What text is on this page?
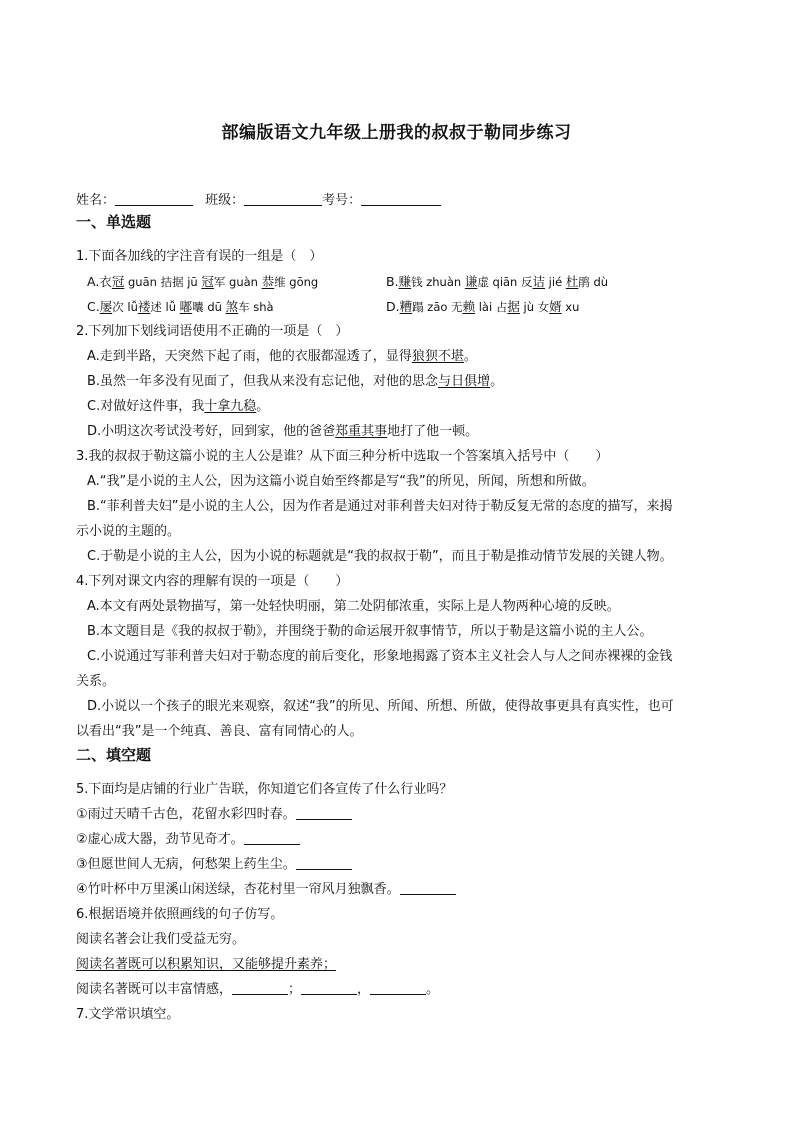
部编版语文九年级上册我的叔叔于勒同步练习
姓名：	班级：	考号：
一、单选题
1.下面各加线的字注音有误的一组是（　）
A.衣冠 guān 拮据 jū 冠军 guàn 恭维 gōng	B.赚钱 zhuàn 谦虚 qiān 反诘 jié 杜鹃 dù
C.屡次 lǚ褛述 lǚ 嘟囔 dū 煞车 shà	D.糟蹋 zāo 无赖 lài 占据 jù 女婿 xu
2.下列加下划线词语使用不正确的一项是（　）
A.走到半路，天突然下起了雨，他的衣服都湿透了，显得狼狈不堪。
B.虽然一年多没有见面了，但我从来没有忘记他，对他的思念与日俱增。
C.对做好这件事，我十拿九稳。
D.小明这次考试没考好，回到家，他的爸爸郑重其事地打了他一顿。
3.我的叔叔于勒这篇小说的主人公是谁？从下面三种分析中选取一个答案填入括号中（　　）
A.“我”是小说的主人公，因为这篇小说自始至终都是写“我”的所见，所闻，所想和所做。
B.“菲利普夫妇”是小说的主人公，因为作者是通过对菲利普夫妇对待于勒反复无常的态度的描写，来揭
示小说的主题的。
C.于勒是小说的主人公，因为小说的标题就是“我的叔叔于勒”，而且于勒是推动情节发展的关键人物。
4.下列对课文内容的理解有误的一项是（　　）
A.本文有两处景物描写，第一处轻快明丽，第二处阴郁浓重，实际上是人物两种心境的反映。
B.本文题目是《我的叔叔于勒》，并围绕于勒的命运展开叙事情节，所以于勒是这篇小说的主人公。
C.小说通过写菲利普夫妇对于勒态度的前后变化，形象地揭露了资本主义社会人与人之间赤裸裸的金钱
关系。
D.小说以一个孩子的眼光来观察，叙述“我”的所见、所闻、所想、所做，使得故事更具有真实性，也可
以看出“我”是一个纯真、善良、富有同情心的人。
二、填空题
5.下面均是店铺的行业广告联，你知道它们各宣传了什么行业吗？
①雨过天晴千古色，花留水彩四时春。
②虚心成大器，劲节见奇才。
③但愿世间人无病，何愁架上药生尘。
④竹叶杯中万里溪山闲送绿，杏花村里一帘风月独飘香。
6.根据语境并依照画线的句子仿写。
阅读名著会让我们受益无穷。
阅读名著既可以积累知识，又能够提升素养；
阅读名著既可以丰富情感，	；	，	。
7.文学常识填空。
